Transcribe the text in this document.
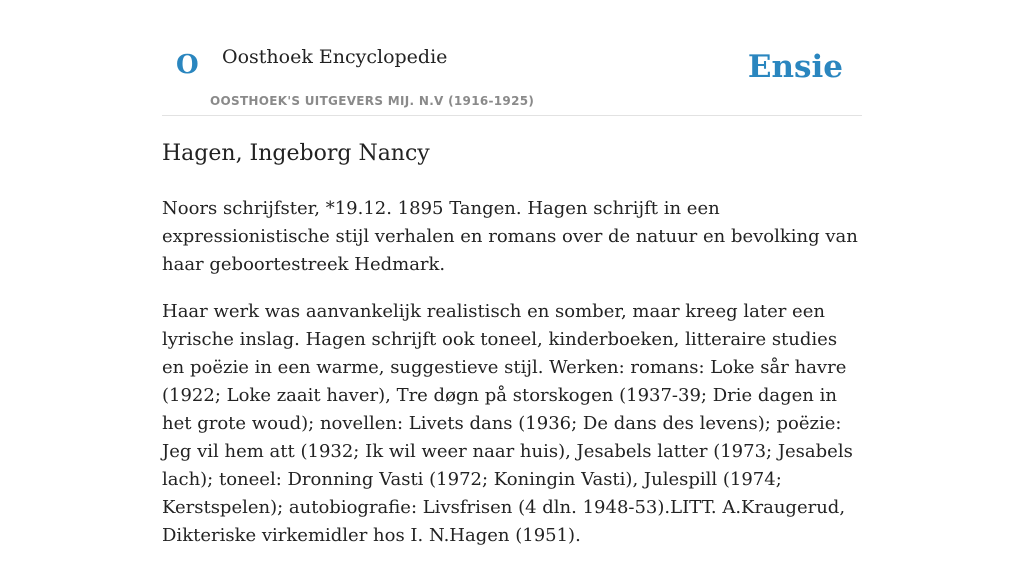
O Oosthoek Encyclopedie
OOSTHOEK'S UITGEVERS MIJ. N.V (1916-1925)
Ensie
Hagen, Ingeborg Nancy

Noors schrijfster, *19.12. 1895 Tangen. Hagen schrijft in een expressionistische stijl verhalen en romans over de natuur en bevolking van haar geboortestreek Hedmark.

Haar werk was aanvankelijk realistisch en somber, maar kreeg later een lyrische inslag. Hagen schrijft ook toneel, kinderboeken, litteraire studies en poëzie in een warme, suggestieve stijl. Werken: romans: Loke sår havre (1922; Loke zaait haver), Tre døgn på storskogen (1937-39; Drie dagen in het grote woud); novellen: Livets dans (1936; De dans des levens); poëzie: Jeg vil hem att (1932; Ik wil weer naar huis), Jesabels latter (1973; Jesabels lach); toneel: Dronning Vasti (1972; Koningin Vasti), Julespill (1974; Kerstspelen); autobiografie: Livsfrisen (4 dln. 1948-53).LITT. A.Kraugerud, Dikteriske virkemidler hos I. N.Hagen (1951).
